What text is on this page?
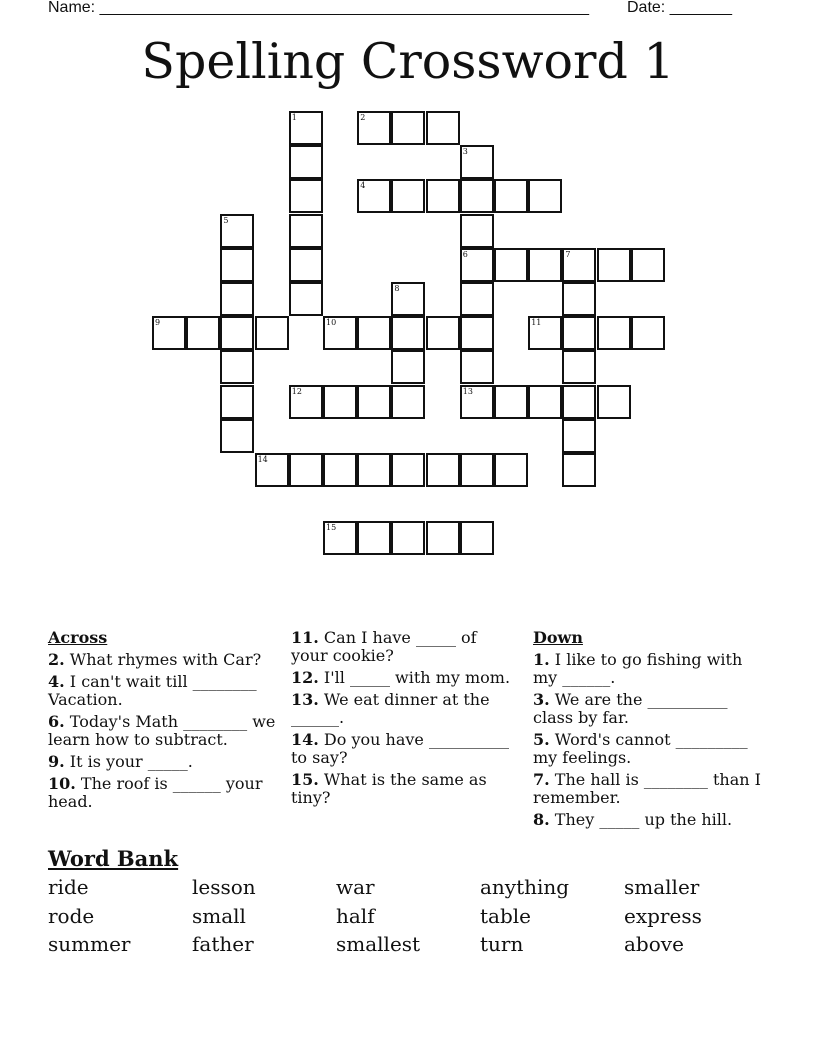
Name: _______________________________________________________ Date: _______
Spelling Crossword 1
1	2
3
6
4
5
7
8
9	10	11
12	13
14
15
Across
2. What rhymes with Car?
4. I can't wait till ________ Vacation.
6. Today's Math ________ we learn how to subtract.
9. It is your _____.
10. The roof is ______ your head.
11. Can I have _____ of your cookie?
12. I'll _____ with my mom.
13. We eat dinner at the ______.
14. Do you have __________ to say?
15. What is the same as tiny?
Down
1. I like to go fishing with my ______.
3. We are the __________ class by far.
5. Word's cannot _________ my feelings.
7. The hall is ________ than I remember.
8. They _____ up the hill.
Word Bank
ride	lesson	war	anything	smaller
rode	small	half	table	express
summer	father	smallest	turn	above
